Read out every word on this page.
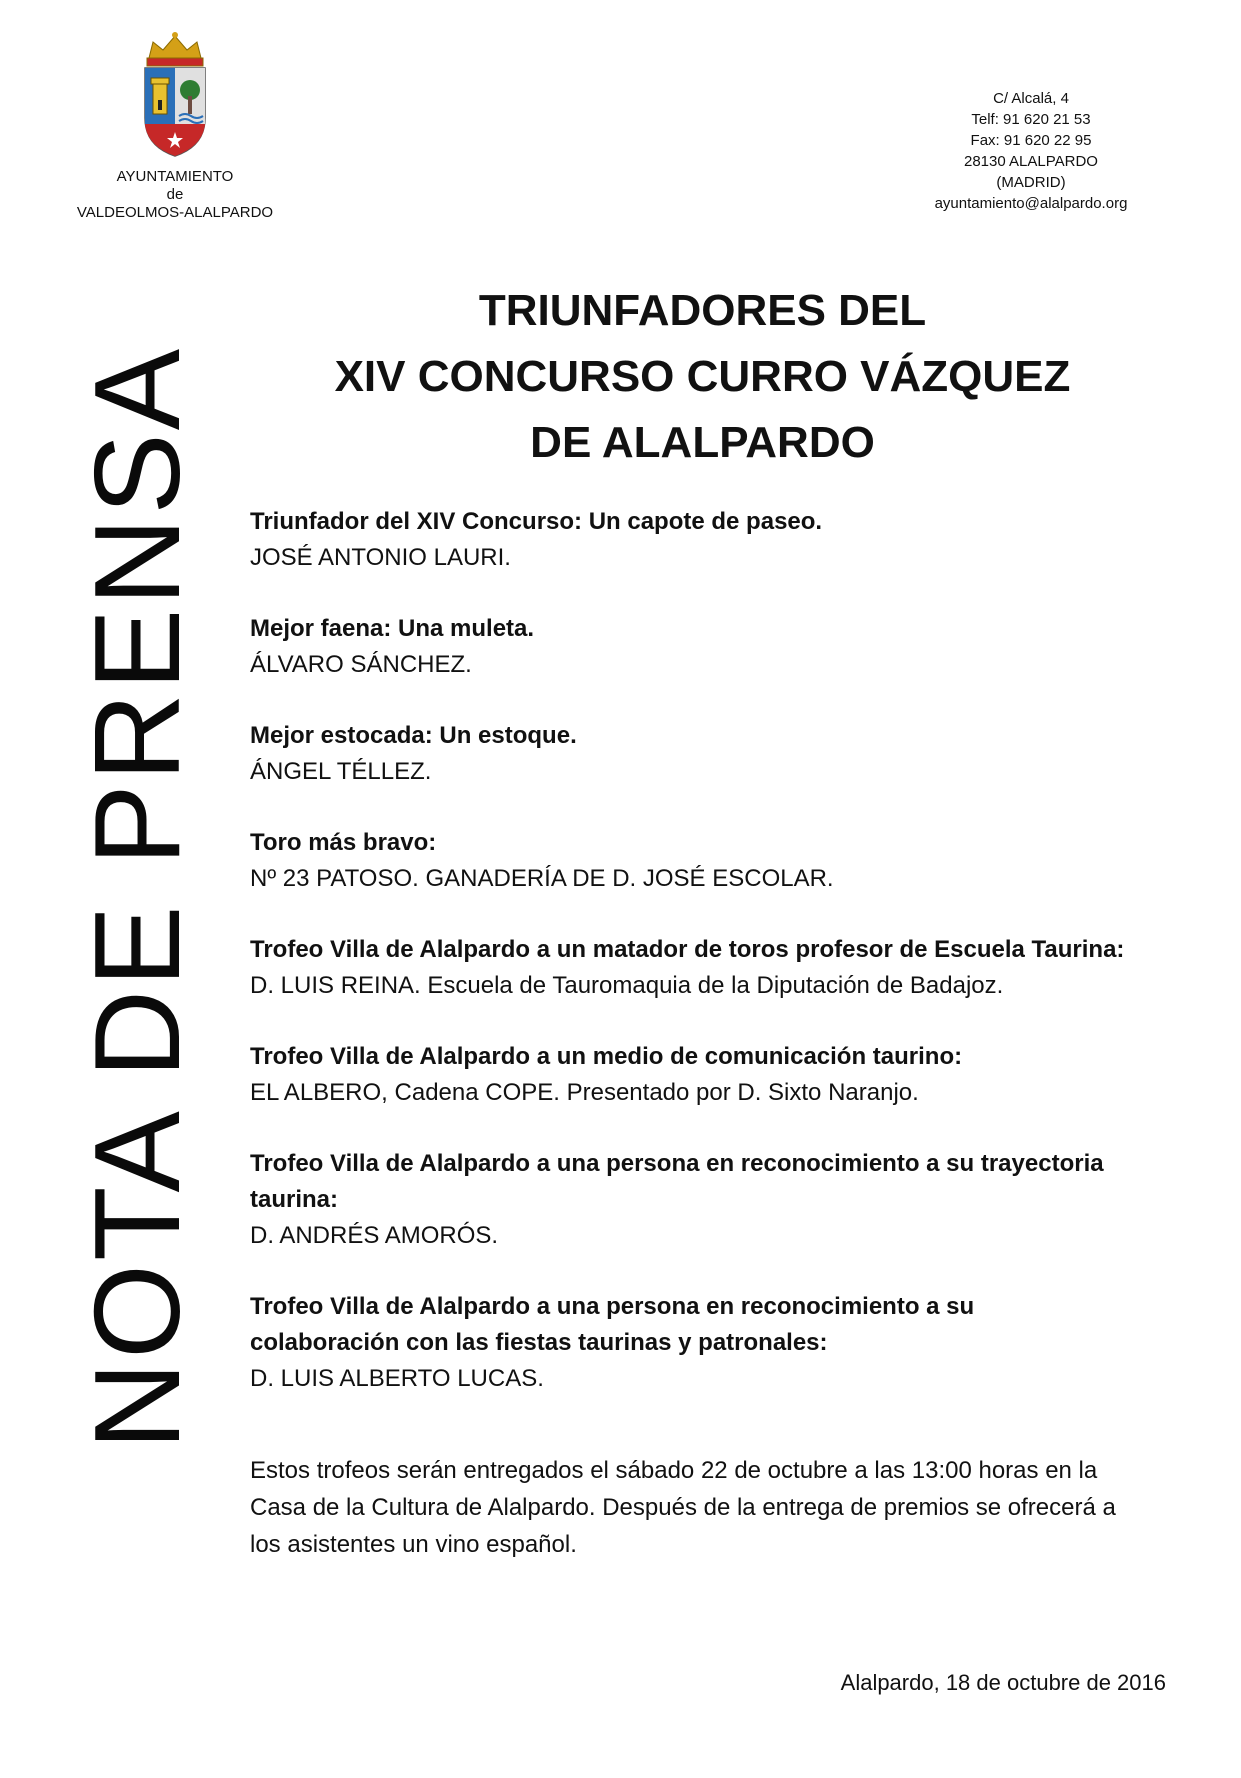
AYUNTAMIENTO
de
VALDEOLMOS-ALALPARDO
C/ Alcalá, 4
Telf: 91 620 21 53
Fax: 91 620 22 95
28130 ALALPARDO
(MADRID)
ayuntamiento@alalpardo.org
NOTA DE PRENSA
TRIUNFADORES DEL
XIV CONCURSO CURRO VÁZQUEZ
DE ALALPARDO
Triunfador del XIV Concurso: Un capote de paseo.
JOSÉ ANTONIO LAURI.
Mejor faena: Una muleta.
ÁLVARO SÁNCHEZ.
Mejor estocada: Un estoque.
ÁNGEL TÉLLEZ.
Toro más bravo:
Nº 23 PATOSO. GANADERÍA DE D. JOSÉ ESCOLAR.
Trofeo Villa de Alalpardo a un matador de toros profesor de Escuela Taurina:
D. LUIS REINA. Escuela de Tauromaquia de la Diputación de Badajoz.
Trofeo Villa de Alalpardo a un medio de comunicación taurino:
EL ALBERO, Cadena COPE. Presentado por D. Sixto Naranjo.
Trofeo Villa de Alalpardo a una persona en reconocimiento a su trayectoria taurina:
D. ANDRÉS AMORÓS.
Trofeo Villa de Alalpardo a una persona en reconocimiento a su colaboración con las fiestas taurinas y patronales:
D. LUIS ALBERTO LUCAS.
Estos trofeos serán entregados el sábado 22 de octubre a las 13:00 horas en la Casa de la Cultura de Alalpardo. Después de la entrega de premios se ofrecerá a los asistentes un vino español.
Alalpardo, 18 de octubre de 2016
